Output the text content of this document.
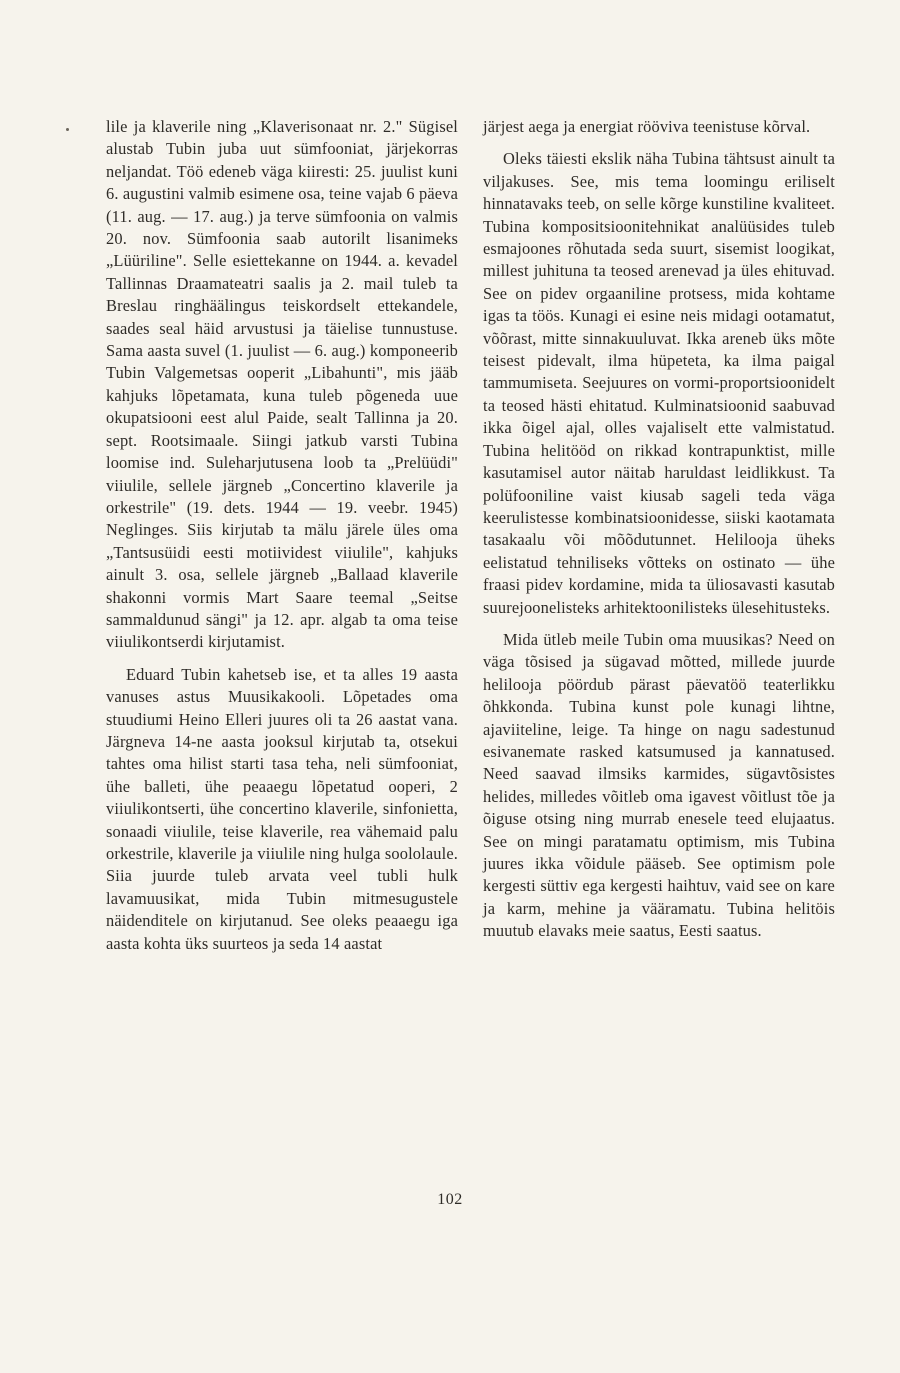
lile ja klaverile ning „Klaverisonaat nr. 2." Sügisel alustab Tubin juba uut sümfooniat, järjekorras neljandat. Töö edeneb väga kiiresti: 25. juulist kuni 6. augustini valmib esimene osa, teine vajab 6 päeva (11. aug. — 17. aug.) ja terve sümfoonia on valmis 20. nov. Sümfoonia saab autorilt lisanimeks „Lüüriline". Selle esiettekanne on 1944. a. kevadel Tallinnas Draamateatri saalis ja 2. mail tuleb ta Breslau ringhäälingus teiskordselt ettekandele, saades seal häid arvustusi ja täielise tunnustuse. Sama aasta suvel (1. juulist — 6. aug.) komponeerib Tubin Valgemetsas ooperit „Libahunti", mis jääb kahjuks lõpetamata, kuna tuleb põgeneda uue okupatsiooni eest alul Paide, sealt Tallinna ja 20. sept. Rootsimaale. Siingi jatkub varsti Tubina loomise ind. Suleharjutusena loob ta „Prelüüdi" viiulile, sellele järgneb „Concertino klaverile ja orkestrile" (19. dets. 1944 — 19. veebr. 1945) Neglinges. Siis kirjutab ta mälu järele üles oma „Tantsusüidi eesti motiividest viiulile", kahjuks ainult 3. osa, sellele järgneb „Ballaad klaverile shakonni vormis Mart Saare teemal „Seitse sammaldunud sängi" ja 12. apr. algab ta oma teise viiulikontserdi kirjutamist.

Eduard Tubin kahetseb ise, et ta alles 19 aasta vanuses astus Muusikakooli. Lõpetades oma stuudiumi Heino Elleri juures oli ta 26 aastat vana. Järgneva 14-ne aasta jooksul kirjutab ta, otsekui tahtes oma hilist starti tasa teha, neli sümfooniat, ühe balleti, ühe peaaegu lõpetatud ooperi, 2 viiulikontserti, ühe concertino klaverile, sinfonietta, sonaadi viiulile, teise klaverile, rea vähemaid palu orkestrile, klaverile ja viiulile ning hulga soololaule. Siia juurde tuleb arvata veel tubli hulk lavamuusikat, mida Tubin mitmesugustele näidenditele on kirjutanud. See oleks peaaegu iga aasta kohta üks suurteos ja seda 14 aastat

järjest aega ja energiat rööviva teenistuse kõrval.

Oleks täiesti ekslik näha Tubina tähtsust ainult ta viljakuses. See, mis tema loomingu eriliselt hinnatavaks teeb, on selle kõrge kunstiline kvaliteet. Tubina kompositsioonitehnikat analüüsides tuleb esmajoones rõhutada seda suurt, sisemist loogikat, millest juhituna ta teosed arenevad ja üles ehituvad. See on pidev orgaaniline protsess, mida kohtame igas ta töös. Kunagi ei esine neis midagi ootamatut, võõrast, mitte sinnakuuluvat. Ikka areneb üks mõte teisest pidevalt, ilma hüpeteta, ka ilma paigal tammumiseta. Seejuures on vormi-proportsioonidelt ta teosed hästi ehitatud. Kulminatsioonid saabuvad ikka õigel ajal, olles vajaliselt ette valmistatud. Tubina helitööd on rikkad kontrapunktist, mille kasutamisel autor näitab haruldast leidlikkust. Ta polüfooniline vaist kiusab sageli teda väga keerulistesse kombinatsioonidesse, siiski kaotamata tasakaalu või mõõdutunnet. Helilooja üheks eelistatud tehniliseks võtteks on ostinato — ühe fraasi pidev kordamine, mida ta üliosavasti kasutab suurejoonelisteks arhitektoonilisteks ülesehitusteks.

Mida ütleb meile Tubin oma muusikas? Need on väga tõsised ja sügavad mõtted, millede juurde helilooja pöördub pärast päevatöö teaterlikku õhkkonda. Tubina kunst pole kunagi lihtne, ajaviiteline, leige. Ta hinge on nagu sadestunud esivanemate rasked katsumused ja kannatused. Need saavad ilmsiks karmides, sügavtõsistes helides, milledes võitleb oma igavest võitlust tõe ja õiguse otsing ning murrab enesele teed elujaatus. See on mingi paratamatu optimism, mis Tubina juures ikka võidule pääseb. See optimism pole kergesti süttiv ega kergesti haihtuv, vaid see on kare ja karm, mehine ja vääramatu. Tubina helitöis muutub elavaks meie saatus, Eesti saatus.

102
